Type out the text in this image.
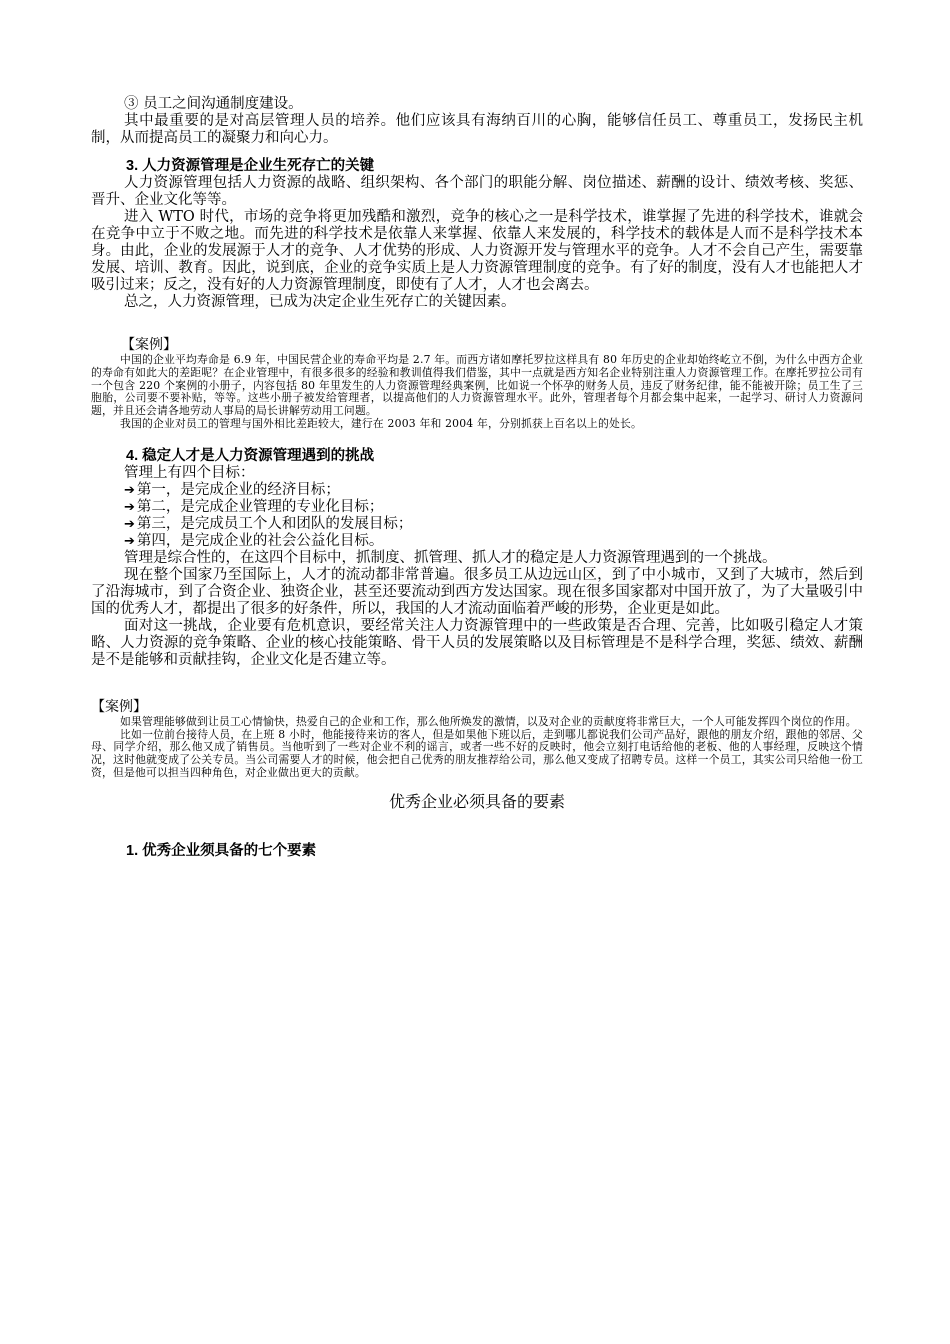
③ 员工之间沟通制度建设。

其中最重要的是对高层管理人员的培养。他们应该具有海纳百川的心胸，能够信任员工、尊重员工，发扬民主机制，从而提高员工的凝聚力和向心力。

3. 人力资源管理是企业生死存亡的关键

人力资源管理包括人力资源的战略、组织架构、各个部门的职能分解、岗位描述、薪酬的设计、绩效考核、奖惩、晋升、企业文化等等。

进入 WTO 时代，市场的竞争将更加残酷和激烈，竞争的核心之一是科学技术，谁掌握了先进的科学技术，谁就会在竞争中立于不败之地。而先进的科学技术是依靠人来掌握、依靠人来发展的，科学技术的载体是人而不是科学技术本身。由此，企业的发展源于人才的竞争、人才优势的形成、人力资源开发与管理水平的竞争。人才不会自己产生，需要靠发展、培训、教育。因此，说到底，企业的竞争实质上是人力资源管理制度的竞争。有了好的制度，没有人才也能把人才吸引过来；反之，没有好的人力资源管理制度，即使有了人才，人才也会离去。

总之，人力资源管理，已成为决定企业生死存亡的关键因素。

【案例】

中国的企业平均寿命是 6.9 年，中国民营企业的寿命平均是 2.7 年。而西方诸如摩托罗拉这样具有 80 年历史的企业却始终屹立不倒，为什么中西方企业的寿命有如此大的差距呢？在企业管理中，有很多很多的经验和教训值得我们借鉴，其中一点就是西方知名企业特别注重人力资源管理工作。在摩托罗拉公司有一个包含 220 个案例的小册子，内容包括 80 年里发生的人力资源管理经典案例，比如说一个怀孕的财务人员，违反了财务纪律，能不能被开除；员工生了三胞胎，公司要不要补贴，等等。这些小册子被发给管理者，以提高他们的人力资源管理水平。此外，管理者每个月都会集中起来，一起学习、研讨人力资源问题，并且还会请各地劳动人事局的局长讲解劳动用工问题。

我国的企业对员工的管理与国外相比差距较大，建行在 2003 年和 2004 年，分别抓获上百名以上的处长。

4. 稳定人才是人力资源管理遇到的挑战

管理上有四个目标：

➔ 第一，是完成企业的经济目标；
➔ 第二，是完成企业管理的专业化目标；
➔ 第三，是完成员工个人和团队的发展目标；
➔ 第四，是完成企业的社会公益化目标。

管理是综合性的，在这四个目标中，抓制度、抓管理、抓人才的稳定是人力资源管理遇到的一个挑战。

现在整个国家乃至国际上，人才的流动都非常普遍。很多员工从边远山区，到了中小城市，又到了大城市，然后到了沿海城市，到了合资企业、独资企业，甚至还要流动到西方发达国家。现在很多国家都对中国开放了，为了大量吸引中国的优秀人才，都提出了很多的好条件，所以，我国的人才流动面临着严峻的形势，企业更是如此。

面对这一挑战，企业要有危机意识，要经常关注人力资源管理中的一些政策是否合理、完善，比如吸引稳定人才策略、人力资源的竞争策略、企业的核心技能策略、骨干人员的发展策略以及目标管理是不是科学合理，奖惩、绩效、薪酬是不是能够和贡献挂钩，企业文化是否建立等。

【案例】

如果管理能够做到让员工心情愉快，热爱自己的企业和工作，那么他所焕发的激情，以及对企业的贡献度将非常巨大，一个人可能发挥四个岗位的作用。

比如一位前台接待人员，在上班 8 小时，他能接待来访的客人，但是如果他下班以后，走到哪儿都说我们公司产品好，跟他的朋友介绍，跟他的邻居、父母、同学介绍，那么他又成了销售员。当他听到了一些对企业不利的谣言，或者一些不好的反映时，他会立刻打电话给他的老板、他的人事经理，反映这个情况，这时他就变成了公关专员。当公司需要人才的时候，他会把自己优秀的朋友推荐给公司，那么他又变成了招聘专员。这样一个员工，其实公司只给他一份工资，但是他可以担当四种角色，对企业做出更大的贡献。

优秀企业必须具备的要素

1. 优秀企业须具备的七个要素
